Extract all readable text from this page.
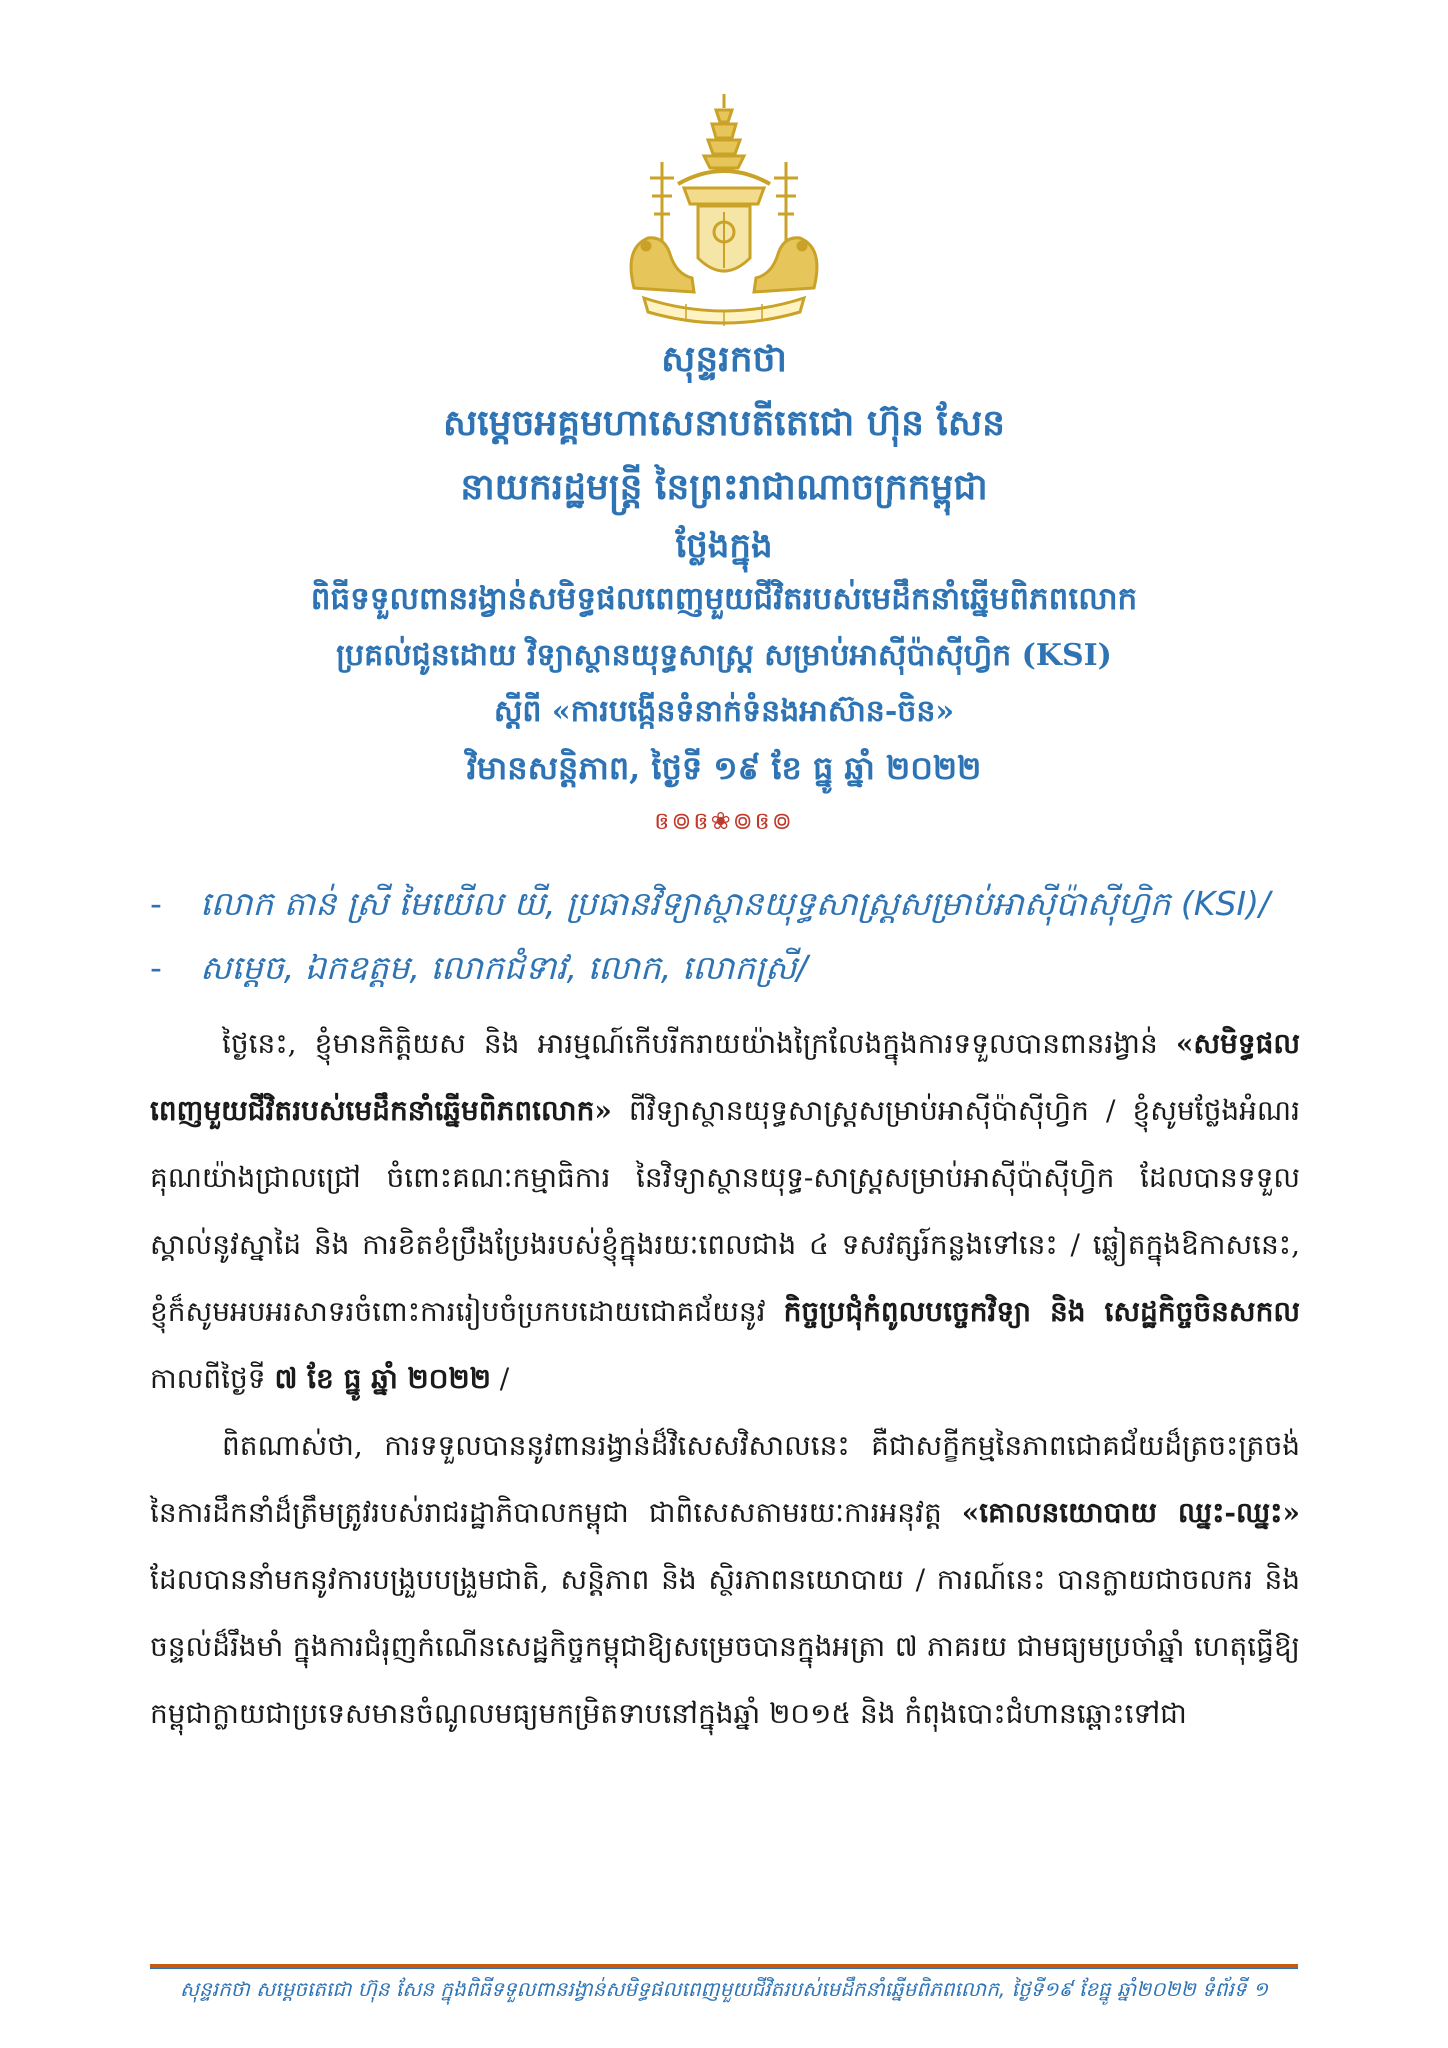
សុន្ទរកថា
សម្តេចអគ្គមហាសេនាបតីតេជោ ហ៊ុន សែន
នាយករដ្ឋមន្ត្រី នៃព្រះរាជាណាចក្រកម្ពុជា
ថ្លែងក្នុង
ពិធីទទួលពានរង្វាន់សមិទ្ធផលពេញមួយជីវិតរបស់មេដឹកនាំឆ្នើមពិភពលោក
ប្រគល់ជូនដោយ វិទ្យាស្ថានយុទ្ធសាស្ត្រ សម្រាប់អាស៊ីប៉ាស៊ីហ្វិក (KSI)
ស្តីពី «ការបង្កើនទំនាក់ទំនងអាស៊ាន-ចិន»
វិមានសន្តិភាព, ថ្ងៃទី ១៩ ខែ ធ្នូ ឆ្នាំ ២០២២
ឲ៙ឲ❀៙ឲ៙
- លោក តាន់ ស្រី មៃយើល យី, ប្រធានវិទ្យាស្ថានយុទ្ធសាស្ត្រសម្រាប់អាស៊ីប៉ាស៊ីហ្វិក (KSI)/
- សម្តេច, ឯកឧត្តម, លោកជំទាវ, លោក, លោកស្រី/

ថ្ងៃនេះ, ខ្ញុំមានកិត្តិយស និង អារម្មណ៍កើបរីករាយយ៉ាងក្រៃលែងក្នុងការទទួលបានពានរង្វាន់ «សមិទ្ធផលពេញមួយជីវិតរបស់មេដឹកនាំឆ្នើមពិភពលោក» ពីវិទ្យាស្ថានយុទ្ធសាស្ត្រសម្រាប់អាស៊ីប៉ាស៊ីហ្វិក / ខ្ញុំសូមថ្លែងអំណរគុណយ៉ាងជ្រាលជ្រៅ ចំពោះគណៈកម្មាធិការ នៃវិទ្យាស្ថានយុទ្ធ-សាស្ត្រសម្រាប់អាស៊ីប៉ាស៊ីហ្វិក ដែលបានទទួលស្គាល់នូវស្នាដៃ និង ការខិតខំប្រឹងប្រែងរបស់ខ្ញុំក្នុងរយៈពេលជាង ៤ ទសវត្សរ៍កន្លងទៅនេះ / ឆ្លៀតក្នុងឱកាសនេះ, ខ្ញុំក៏សូមអបអរសាទរចំពោះការរៀបចំប្រកបដោយជោគជ័យនូវ កិច្ចប្រជុំកំពូលបច្ចេកវិទ្យា និង សេដ្ឋកិច្ចចិនសកល កាលពីថ្ងៃទី ៧ ខែ ធ្នូ ឆ្នាំ ២០២២ /

ពិតណាស់ថា, ការទទួលបាននូវពានរង្វាន់ដ៏វិសេសវិសាលនេះ គឺជាសក្ខីកម្មនៃភាពជោគជ័យដ៏ត្រចះត្រចង់ នៃការដឹកនាំដ៏ត្រឹមត្រូវរបស់រាជរដ្ឋាភិបាលកម្ពុជា ជាពិសេសតាមរយៈការអនុវត្ត «គោលនយោបាយ ឈ្នះ-ឈ្នះ» ដែលបាននាំមកនូវការបង្រួបបង្រួមជាតិ, សន្តិភាព និង ស្ថិរភាពនយោបាយ / ការណ៍នេះ បានក្លាយជាចលករ និង ចន្ទល់ដ៏រឹងមាំ ក្នុងការជំរុញកំណើនសេដ្ឋកិច្ចកម្ពុជាឱ្យសម្រេចបានក្នុងអត្រា ៧ ភាគរយ ជាមធ្យមប្រចាំឆ្នាំ ហេតុធ្វើឱ្យកម្ពុជាក្លាយជាប្រទេសមានចំណូលមធ្យមកម្រិតទាបនៅក្នុងឆ្នាំ ២០១៥ និង កំពុងបោះជំហានឆ្ពោះទៅជា

សុន្ទរកថា សម្តេចតេជោ ហ៊ុន សែន ក្នុងពិធីទទួលពានរង្វាន់សមិទ្ធផលពេញមួយជីវិតរបស់មេដឹកនាំឆ្នើមពិភពលោក, ថ្ងៃទី១៩ ខែធ្នូ ឆ្នាំ២០២២ ទំព័រទី ១
